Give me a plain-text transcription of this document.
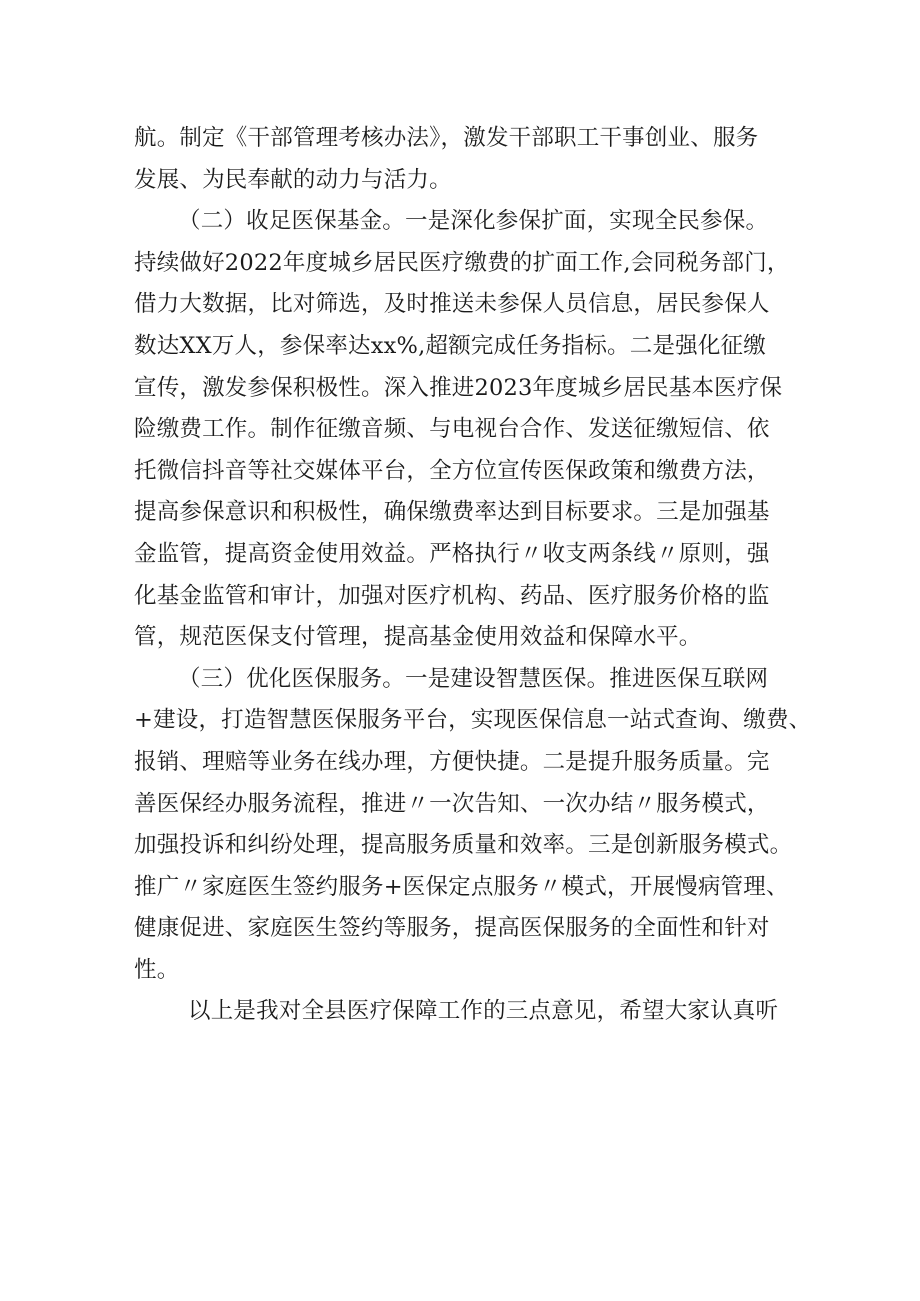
航。制定《干部管理考核办法》，激发干部职工干事创业、服务
发展、为民奉献的动力与活力。
（二）收足医保基金。一是深化参保扩面，实现全民参保。
持续做好2022年度城乡居民医疗缴费的扩面工作,会同税务部门，
借力大数据，比对筛选，及时推送未参保人员信息，居民参保人
数达XX万人，参保率达xx%,超额完成任务指标。二是强化征缴
宣传，激发参保积极性。深入推进2023年度城乡居民基本医疗保
险缴费工作。制作征缴音频、与电视台合作、发送征缴短信、依
托微信抖音等社交媒体平台，全方位宣传医保政策和缴费方法，
提高参保意识和积极性，确保缴费率达到目标要求。三是加强基
金监管，提高资金使用效益。严格执行〃收支两条线〃原则，强
化基金监管和审计，加强对医疗机构、药品、医疗服务价格的监
管，规范医保支付管理，提高基金使用效益和保障水平。
（三）优化医保服务。一是建设智慧医保。推进医保互联网
+建设，打造智慧医保服务平台，实现医保信息一站式查询、缴费、
报销、理赔等业务在线办理，方便快捷。二是提升服务质量。完
善医保经办服务流程，推进〃一次告知、一次办结〃服务模式，
加强投诉和纠纷处理，提高服务质量和效率。三是创新服务模式。
推广〃家庭医生签约服务+医保定点服务〃模式，开展慢病管理、
健康促进、家庭医生签约等服务，提高医保服务的全面性和针对
性。
以上是我对全县医疗保障工作的三点意见，希望大家认真听
